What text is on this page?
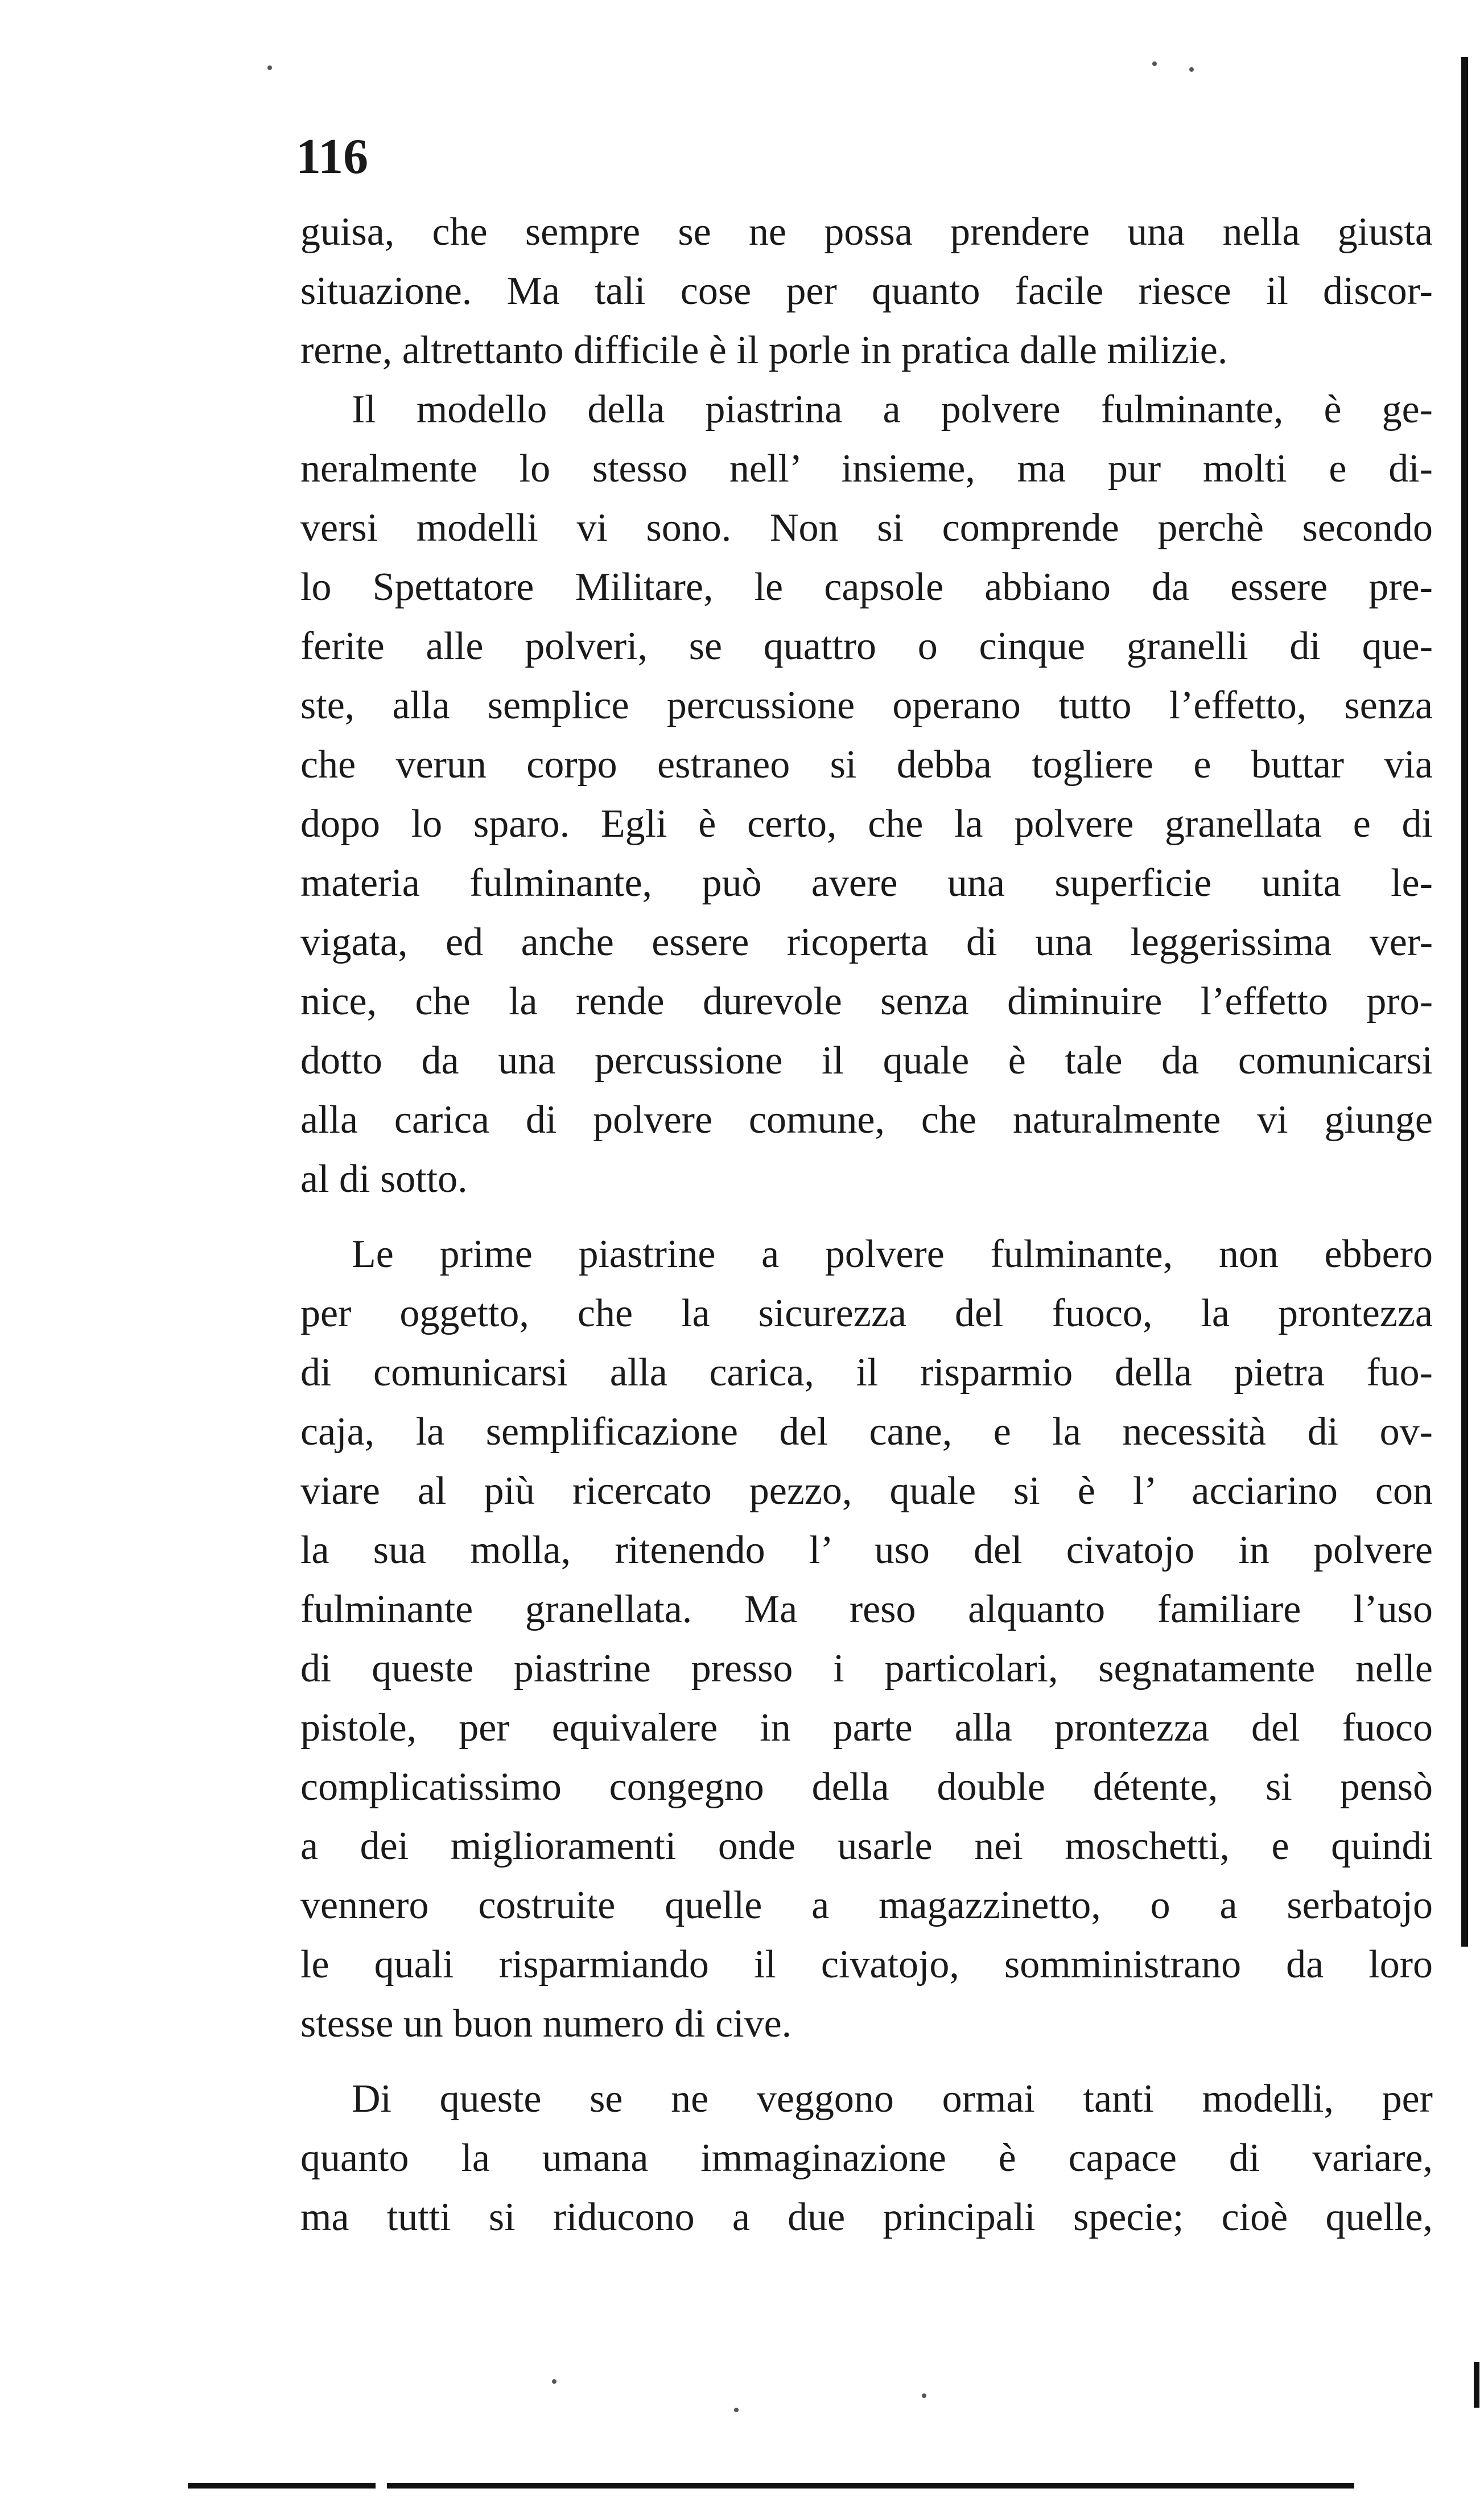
116
guisa, che sempre se ne possa prendere una nella giusta
situazione. Ma tali cose per quanto facile riesce il discor-
rerne, altrettanto difficile è il porle in pratica dalle milizie.
Il modello della piastrina a polvere fulminante, è ge-
neralmente lo stesso nell’ insieme, ma pur molti e di-
versi modelli vi sono. Non si comprende perchè secondo
lo Spettatore Militare, le capsole abbiano da essere pre-
ferite alle polveri, se quattro o cinque granelli di que-
ste, alla semplice percussione operano tutto l’effetto, senza
che verun corpo estraneo si debba togliere e buttar via
dopo lo sparo. Egli è certo, che la polvere granellata e di
materia fulminante, può avere una superficie unita le-
vigata, ed anche essere ricoperta di una leggerissima ver-
nice, che la rende durevole senza diminuire l’effetto pro-
dotto da una percussione il quale è tale da comunicarsi
alla carica di polvere comune, che naturalmente vi giunge
al di sotto.
Le prime piastrine a polvere fulminante, non ebbero
per oggetto, che la sicurezza del fuoco, la prontezza
di comunicarsi alla carica, il risparmio della pietra fuo-
caja, la semplificazione del cane, e la necessità di ov-
viare al più ricercato pezzo, quale si è l’ acciarino con
la sua molla, ritenendo l’ uso del civatojo in polvere
fulminante granellata. Ma reso alquanto familiare l’uso
di queste piastrine presso i particolari, segnatamente nelle
pistole, per equivalere in parte alla prontezza del fuoco
complicatissimo congegno della double détente, si pensò
a dei miglioramenti onde usarle nei moschetti, e quindi
vennero costruite quelle a magazzinetto, o a serbatojo
le quali risparmiando il civatojo, somministrano da loro
stesse un buon numero di cive.
Di queste se ne veggono ormai tanti modelli, per
quanto la umana immaginazione è capace di variare,
ma tutti si riducono a due principali specie; cioè quelle,
